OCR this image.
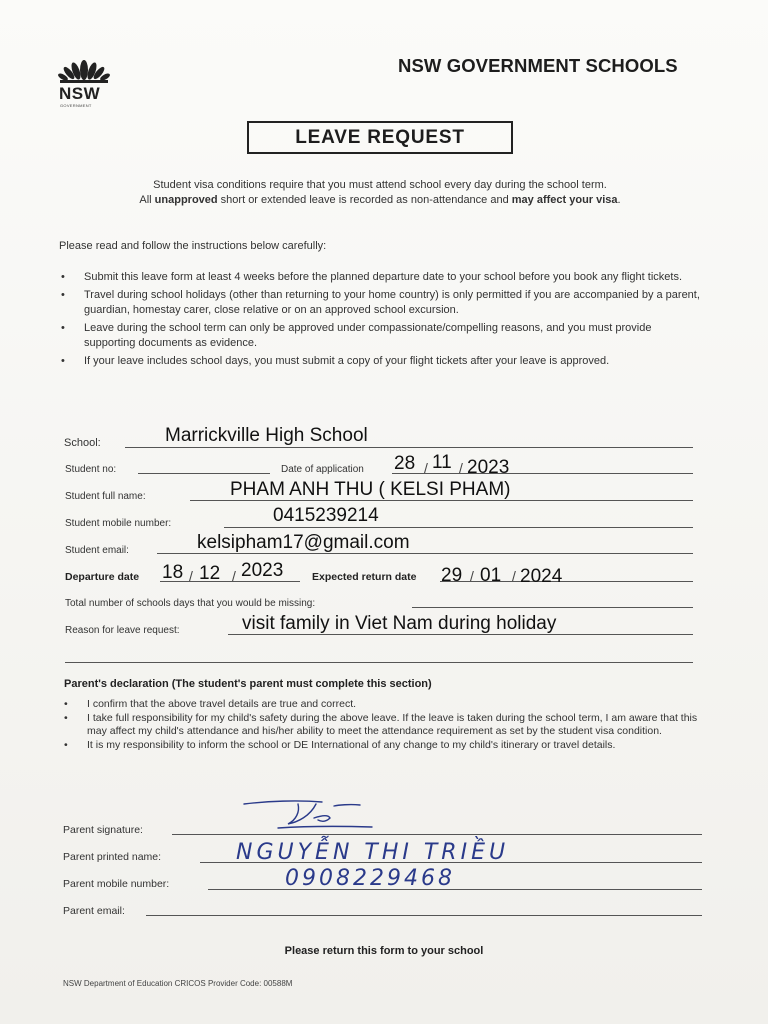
NSW
GOVERNMENT
NSW GOVERNMENT SCHOOLS
LEAVE REQUEST
Student visa conditions require that you must attend school every day during the school term.
All unapproved short or extended leave is recorded as non-attendance and may affect your visa.
Please read and follow the instructions below carefully:
• Submit this leave form at least 4 weeks before the planned departure date to your school before you book any flight tickets.
• Travel during school holidays (other than returning to your home country) is only permitted if you are accompanied by a parent, guardian, homestay carer, close relative or on an approved school excursion.
• Leave during the school term can only be approved under compassionate/compelling reasons, and you must provide supporting documents as evidence.
• If your leave includes school days, you must submit a copy of your flight tickets after your leave is approved.
School:	Marrickville High School
Student no:	Date of application 28 / 11 / 2023
Student full name:	PHAM ANH THU ( KELSI PHAM)
Student mobile number:	0415239214
Student email:	kelsipham17@gmail.com
Departure date 18 / 12 / 2023	Expected return date 29 / 01 / 2024
Total number of schools days that you would be missing:
Reason for leave request:	visit family in Viet Nam during holiday
Parent's declaration (The student's parent must complete this section)
• I confirm that the above travel details are true and correct.
• I take full responsibility for my child's safety during the above leave. If the leave is taken during the school term, I am aware that this may affect my child's attendance and his/her ability to meet the attendance requirement as set by the student visa condition.
• It is my responsibility to inform the school or DE International of any change to my child's itinerary or travel details.
Parent signature:
Parent printed name:	NGUYỄN THI TRIỀU
Parent mobile number:	0908229468
Parent email:
Please return this form to your school
NSW Department of Education CRICOS Provider Code: 00588M
